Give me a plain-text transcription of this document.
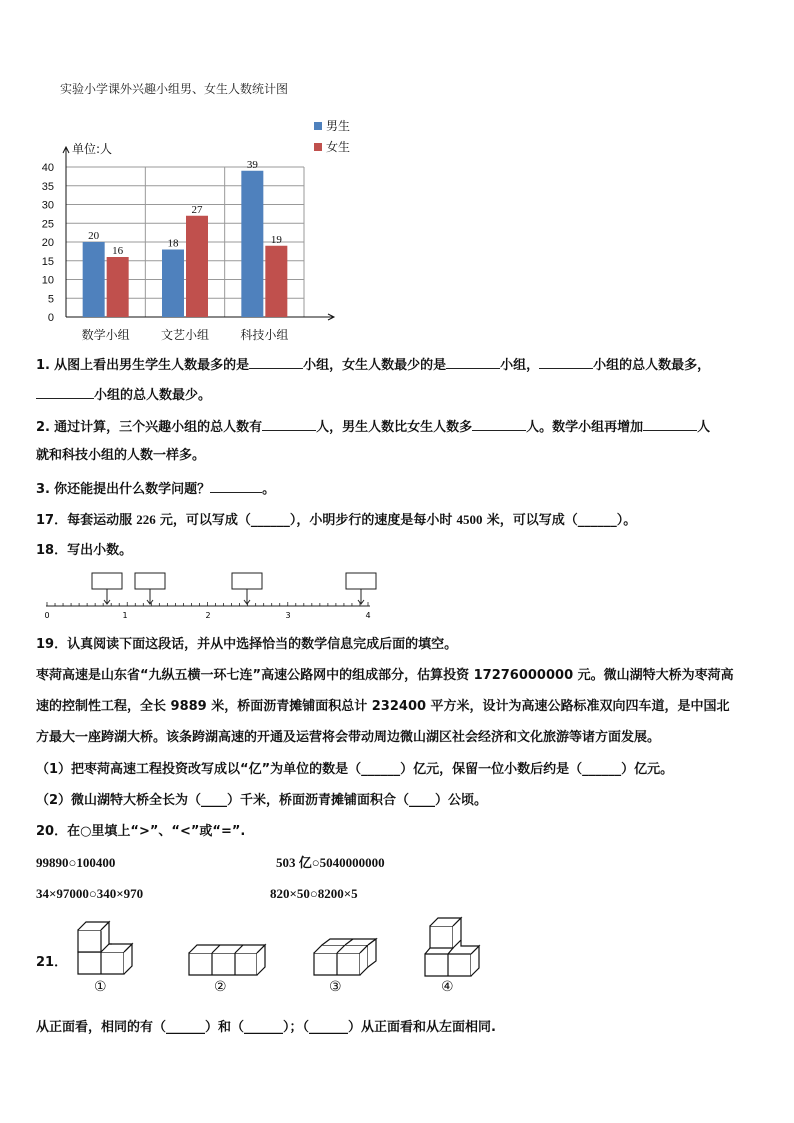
实验小学课外兴趣小组男、女生人数统计图
0
5
10
15
20
25
30
35
40
单位:人
20
18
39
16
27
19
数学小组	文艺小组	科技小组
男生
女生
1. 从图上看出男生学生人数最多的是	小组，女生人数最少的是	小组，	小组的总人数最多，
小组的总人数最少。
2. 通过计算，三个兴趣小组的总人数有	人，男生人数比女生人数多	人。数学小组再增加	人
就和科技小组的人数一样多。
3. 你还能提出什么数学问题？	。
17．每套运动服 226 元，可以写成（______），小明步行的速度是每小时 4500 米，可以写成（______）。
18．写出小数。
0	1	2	3	4
19．认真阅读下面这段话，并从中选择恰当的数学信息完成后面的填空。
枣菏高速是山东省“九纵五横一环七连”高速公路网中的组成部分，估算投资 17276000000 元。微山湖特大桥为枣菏高
速的控制性工程，全长 9889 米，桥面沥青摊铺面积总计 232400 平方米，设计为高速公路标准双向四车道，是中国北
方最大一座跨湖大桥。该条跨湖高速的开通及运营将会带动周边微山湖区社会经济和文化旅游等诸方面发展。
（1）把枣菏高速工程投资改写成以“亿”为单位的数是（______）亿元，保留一位小数后约是（______）亿元。
（2）微山湖特大桥全长为（____）千米，桥面沥青摊铺面积合（____）公顷。
20．在○里填上“>”、“<”或“=”.
99890○100400	503 亿○5040000000
34×97000○340×970	820×50○8200×5
21．
①	②	③	④
从正面看，相同的有（______）和（______）；（______）从正面看和从左面相同.
